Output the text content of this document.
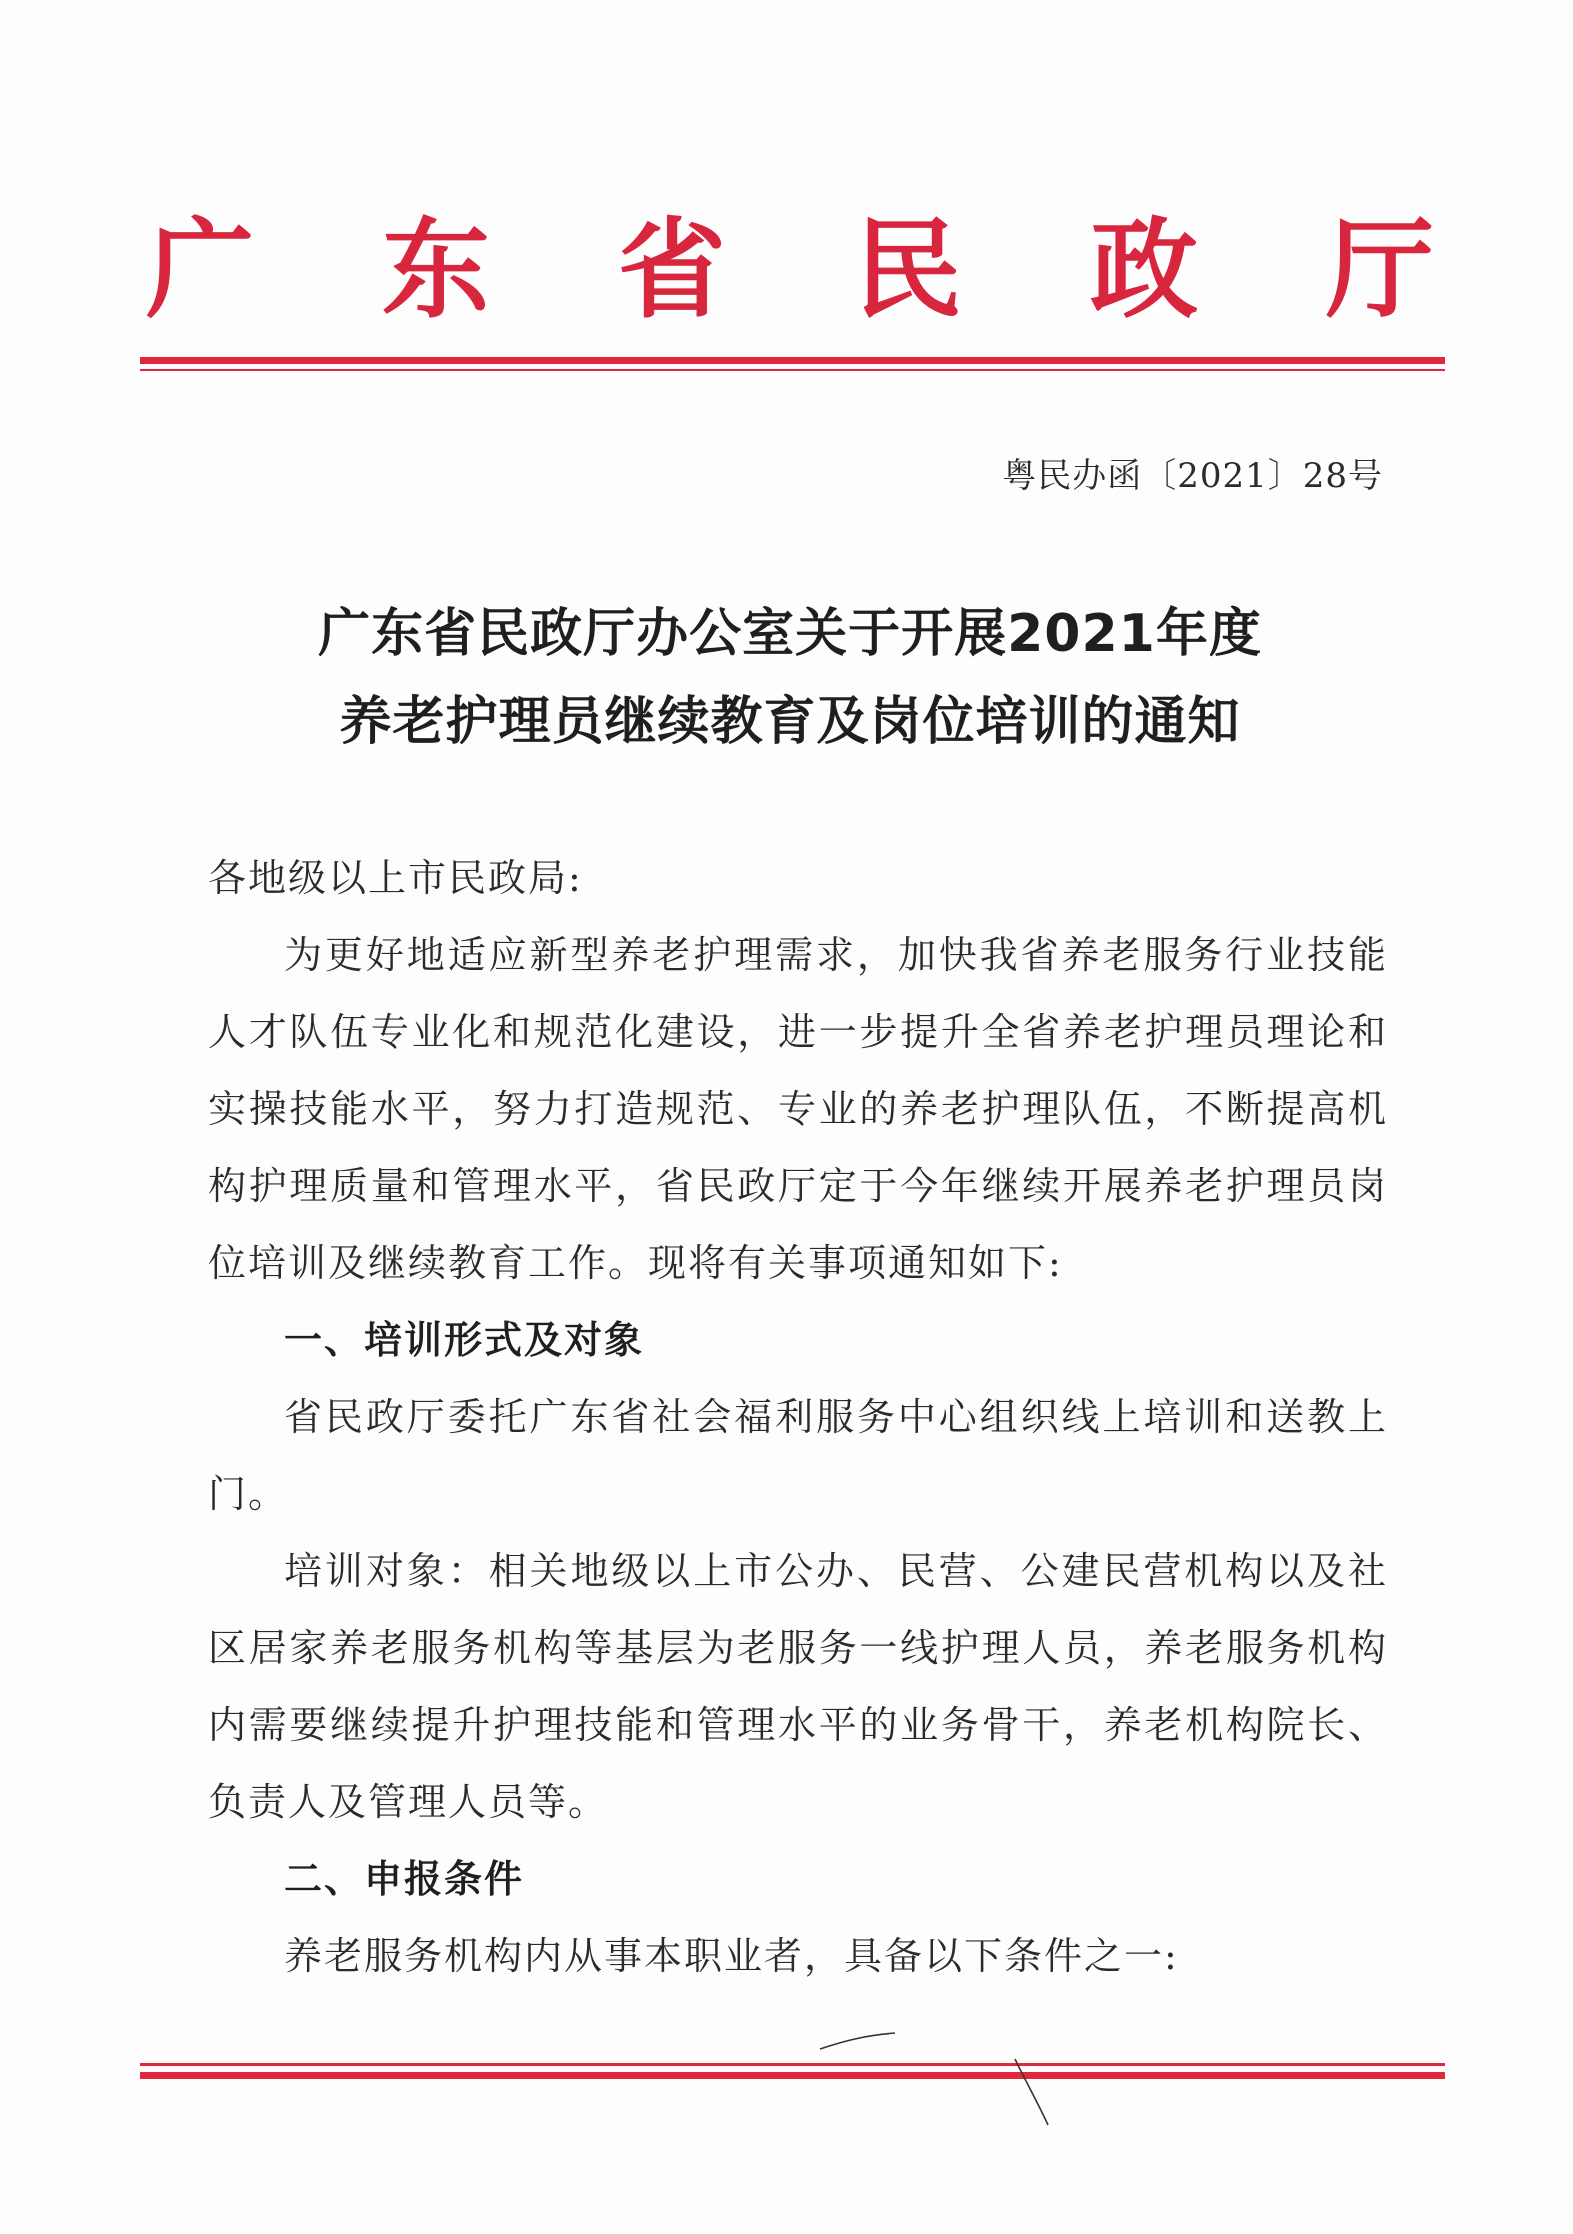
广 东 省 民 政 厅
粤民办函〔2021〕28号
广东省民政厅办公室关于开展2021年度
养老护理员继续教育及岗位培训的通知

各地级以上市民政局:

为更好地适应新型养老护理需求，加快我省养老服务行业技能人才队伍专业化和规范化建设，进一步提升全省养老护理员理论和实操技能水平，努力打造规范、专业的养老护理队伍，不断提高机构护理质量和管理水平，省民政厅定于今年继续开展养老护理员岗位培训及继续教育工作。现将有关事项通知如下:

一、培训形式及对象

省民政厅委托广东省社会福利服务中心组织线上培训和送教上门。

培训对象：相关地级以上市公办、民营、公建民营机构以及社区居家养老服务机构等基层为老服务一线护理人员，养老服务机构内需要继续提升护理技能和管理水平的业务骨干，养老机构院长、负责人及管理人员等。

二、申报条件

养老服务机构内从事本职业者，具备以下条件之一:
